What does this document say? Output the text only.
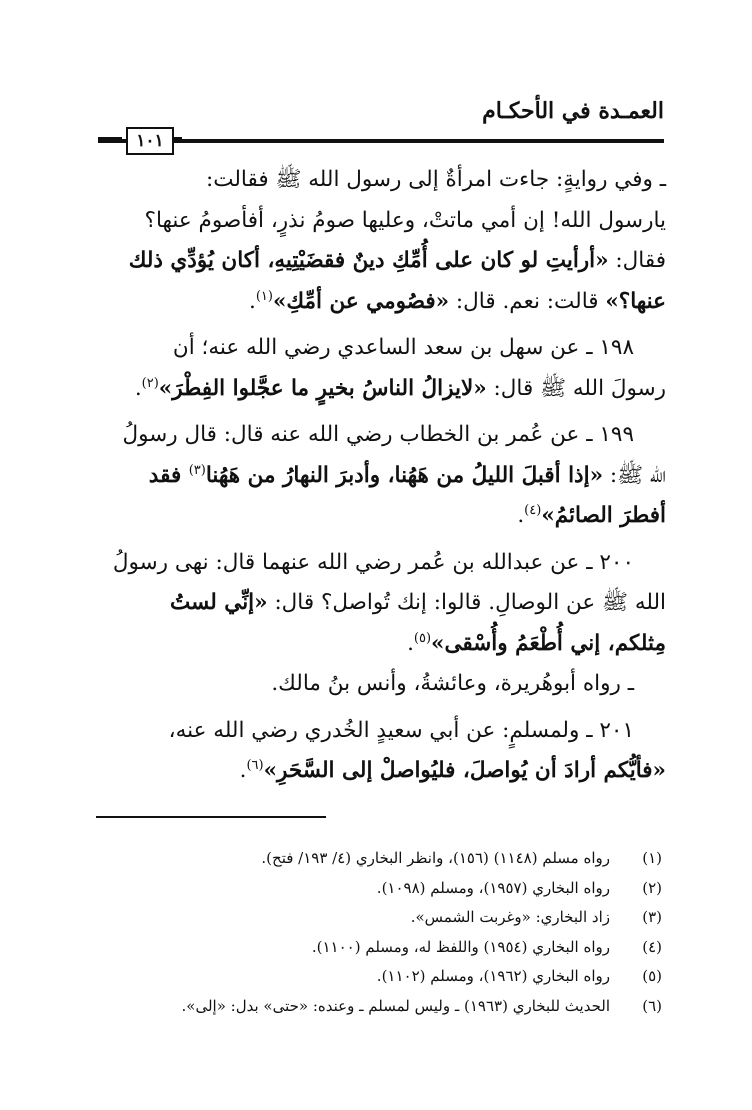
العمـدة في الأحكـام
١٠١
ـ وفي روايةٍ: جاءت امرأةٌ إلى رسول الله ﷺ فقالت:
يارسول الله! إن أمي ماتتْ، وعليها صومُ نذرٍ، أفأصومُ عنها؟
فقال: «أرأيتِ لو كان على أُمِّكِ دينٌ فقضَيْتِيهِ، أكان يُؤدِّي ذلك
عنها؟» قالت: نعم. قال: «فصُومي عن أمِّكِ»$^{(١)}$.
١٩٨ ـ عن سهل بن سعد الساعدي رضي الله عنه؛ أن
رسولَ الله ﷺ قال: «لايزالُ الناسُ بخيرٍ ما عجَّلوا الفِطْرَ»$^{(٢)}$.
١٩٩ ـ عن عُمر بن الخطاب رضي الله عنه قال: قال رسولُ
الله ﷺ: «إذا أقبلَ الليلُ من هَهُنا، وأدبرَ النهارُ من هَهُنا$^{(٣)}$ فقد
أفطرَ الصائمُ»$^{(٤)}$.
٢٠٠ ـ عن عبدالله بن عُمر رضي الله عنهما قال: نهى رسولُ
الله ﷺ عن الوصالِ. قالوا: إنك تُواصل؟ قال: «إنِّي لستُ
مِثلكم، إني أُطْعَمُ وأُسْقى»$^{(٥)}$.
ـ رواه أبوهُريرة، وعائشةُ، وأنس بنُ مالك.
٢٠١ ـ ولمسلمٍ: عن أبي سعيدٍ الخُدري رضي الله عنه،
«فأيُّكم أرادَ أن يُواصلَ، فليُواصلْ إلى السَّحَرِ»$^{(٦)}$.
(١)
رواه مسلم (١١٤٨) (١٥٦)، وانظر البخاري (٤/ ١٩٣/ فتح).
(٢)
رواه البخاري (١٩٥٧)، ومسلم (١٠٩٨).
(٣)
زاد البخاري: «وغربت الشمس».
(٤)
رواه البخاري (١٩٥٤) واللفظ له، ومسلم (١١٠٠).
(٥)
رواه البخاري (١٩٦٢)، ومسلم (١١٠٢).
(٦)
الحديث للبخاري (١٩٦٣) ـ وليس لمسلم ـ وعنده: «حتى» بدل: «إلى».
